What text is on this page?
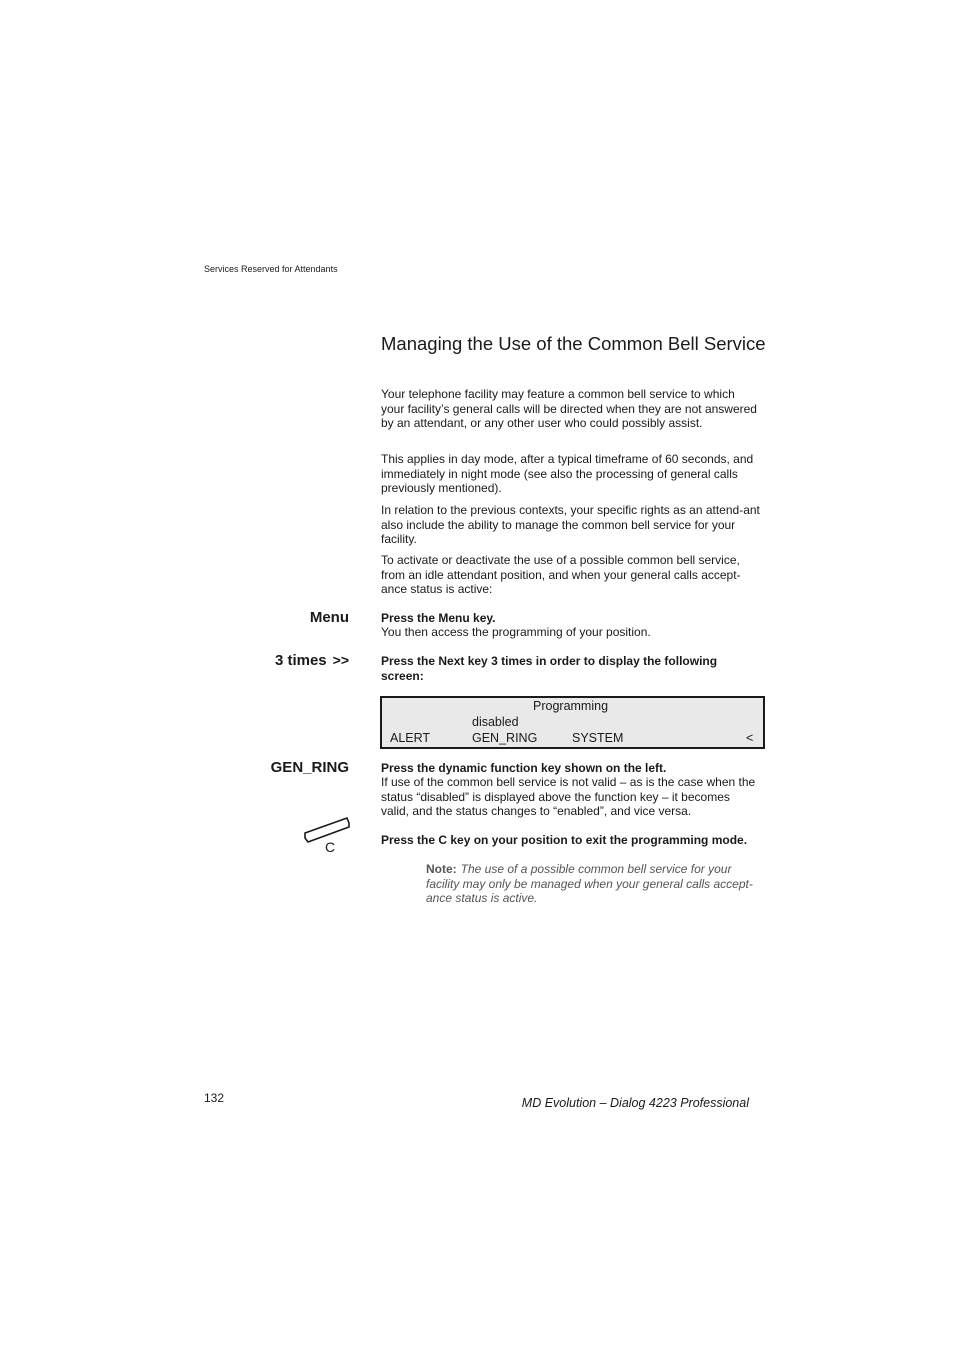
Services Reserved for Attendants
Managing the Use of the Common Bell Service
Your telephone facility may feature a common bell service to which your facility’s general calls will be directed when they are not answered by an attendant, or any other user who could possibly assist.
This applies in day mode, after a typical timeframe of 60 seconds, and immediately in night mode (see also the processing of general calls previously mentioned).
In relation to the previous contexts, your specific rights as an attend-ant also include the ability to manage the common bell service for your facility.
To activate or deactivate the use of a possible common bell service, from an idle attendant position, and when your general calls accept-ance status is active:
Menu	Press the Menu key.
You then access the programming of your position.
3 times >>	Press the Next key 3 times in order to display the following screen:
Programming
disabled
ALERT	GEN_RING	SYSTEM	<
GEN_RING	Press the dynamic function key shown on the left.
If use of the common bell service is not valid – as is the case when the status “disabled” is displayed above the function key – it becomes valid, and the status changes to “enabled”, and vice versa.
C	Press the C key on your position to exit the programming mode.
Note: The use of a possible common bell service for your facility may only be managed when your general calls accept-ance status is active.
132	MD Evolution – Dialog 4223 Professional
